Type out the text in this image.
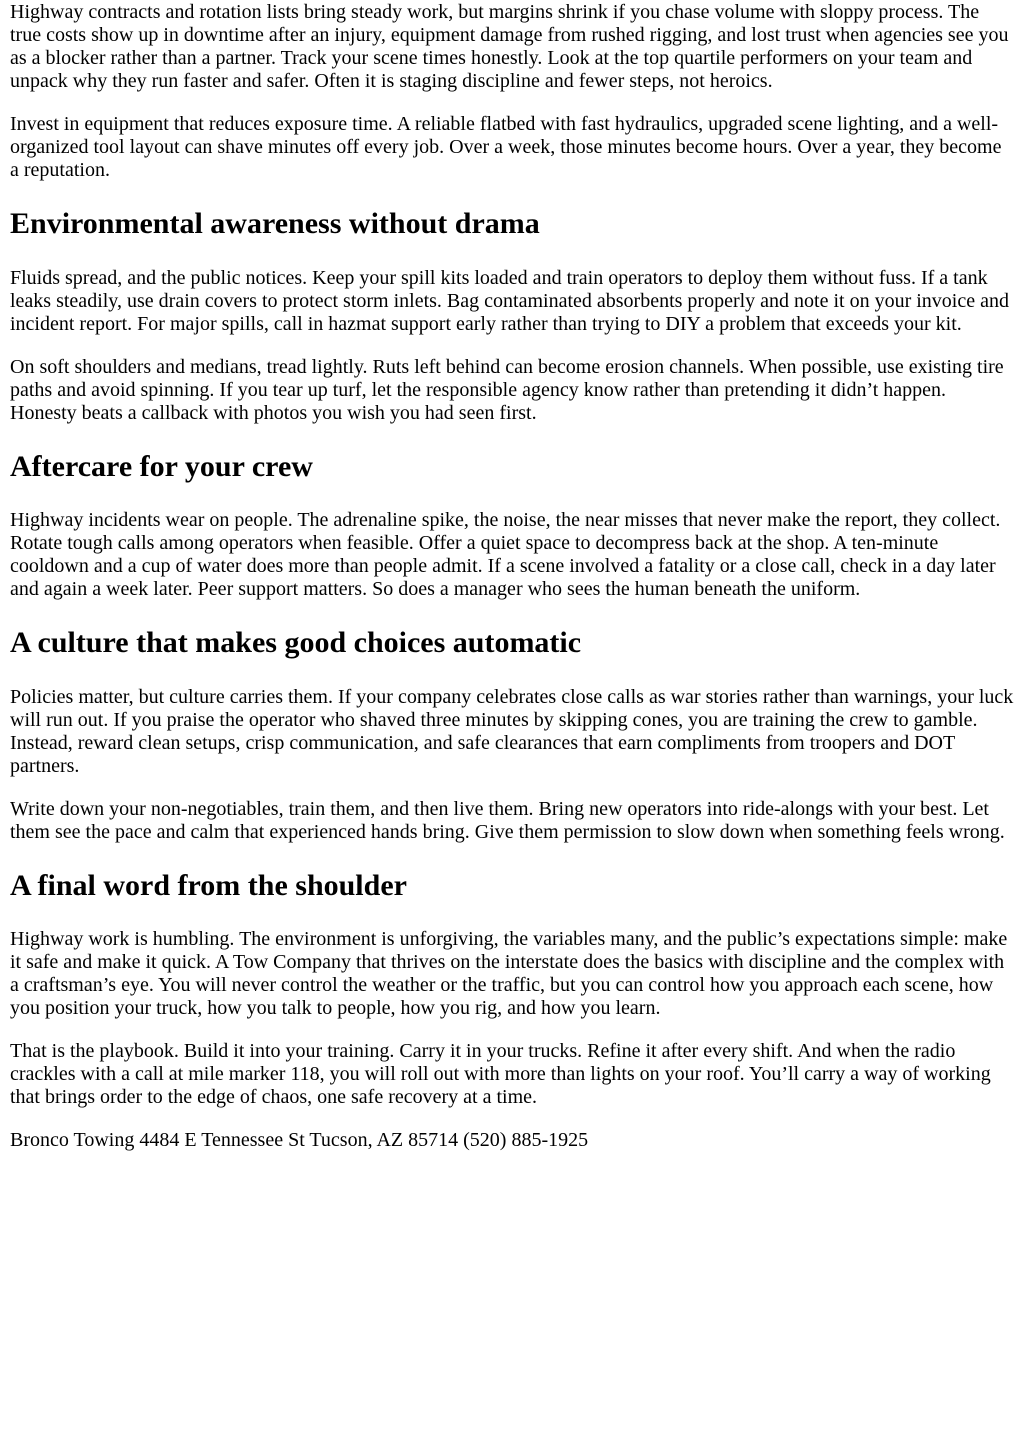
Highway contracts and rotation lists bring steady work, but margins shrink if you chase volume with sloppy process. The true costs show up in downtime after an injury, equipment damage from rushed rigging, and lost trust when agencies see you as a blocker rather than a partner. Track your scene times honestly. Look at the top quartile performers on your team and unpack why they run faster and safer. Often it is staging discipline and fewer steps, not heroics.

Invest in equipment that reduces exposure time. A reliable flatbed with fast hydraulics, upgraded scene lighting, and a well-organized tool layout can shave minutes off every job. Over a week, those minutes become hours. Over a year, they become a reputation.

Environmental awareness without drama

Fluids spread, and the public notices. Keep your spill kits loaded and train operators to deploy them without fuss. If a tank leaks steadily, use drain covers to protect storm inlets. Bag contaminated absorbents properly and note it on your invoice and incident report. For major spills, call in hazmat support early rather than trying to DIY a problem that exceeds your kit.

On soft shoulders and medians, tread lightly. Ruts left behind can become erosion channels. When possible, use existing tire paths and avoid spinning. If you tear up turf, let the responsible agency know rather than pretending it didn’t happen. Honesty beats a callback with photos you wish you had seen first.

Aftercare for your crew

Highway incidents wear on people. The adrenaline spike, the noise, the near misses that never make the report, they collect. Rotate tough calls among operators when feasible. Offer a quiet space to decompress back at the shop. A ten-minute cooldown and a cup of water does more than people admit. If a scene involved a fatality or a close call, check in a day later and again a week later. Peer support matters. So does a manager who sees the human beneath the uniform.

A culture that makes good choices automatic

Policies matter, but culture carries them. If your company celebrates close calls as war stories rather than warnings, your luck will run out. If you praise the operator who shaved three minutes by skipping cones, you are training the crew to gamble. Instead, reward clean setups, crisp communication, and safe clearances that earn compliments from troopers and DOT partners.

Write down your non-negotiables, train them, and then live them. Bring new operators into ride-alongs with your best. Let them see the pace and calm that experienced hands bring. Give them permission to slow down when something feels wrong.

A final word from the shoulder

Highway work is humbling. The environment is unforgiving, the variables many, and the public’s expectations simple: make it safe and make it quick. A Tow Company that thrives on the interstate does the basics with discipline and the complex with a craftsman’s eye. You will never control the weather or the traffic, but you can control how you approach each scene, how you position your truck, how you talk to people, how you rig, and how you learn.

That is the playbook. Build it into your training. Carry it in your trucks. Refine it after every shift. And when the radio crackles with a call at mile marker 118, you will roll out with more than lights on your roof. You’ll carry a way of working that brings order to the edge of chaos, one safe recovery at a time.

Bronco Towing 4484 E Tennessee St Tucson, AZ 85714 (520) 885-1925
